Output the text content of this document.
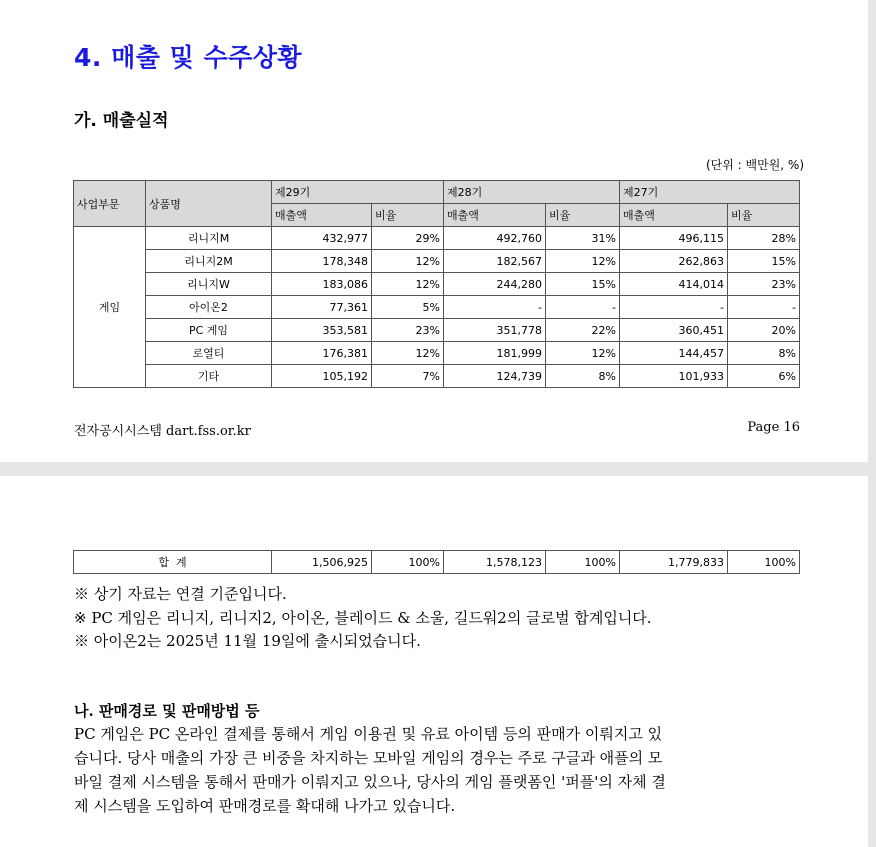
4. 매출 및 수주상황
가. 매출실적
(단위 : 백만원, %)
사업부문	상품명	제29기		제28기		제27기	
		매출액	비율	매출액	비율	매출액	비율
게임	리니지M	432,977	29%	492,760	31%	496,115	28%
	리니지2M	178,348	12%	182,567	12%	262,863	15%
	리니지W	183,086	12%	244,280	15%	414,014	23%
	아이온2	77,361	5%	-	-	-	-
	PC 게임	353,581	23%	351,778	22%	360,451	20%
	로열티	176,381	12%	181,999	12%	144,457	8%
	기타	105,192	7%	124,739	8%	101,933	6%
전자공시시스템 dart.fss.or.kr	Page 16
합  계	1,506,925	100%	1,578,123	100%	1,779,833	100%
※ 상기 자료는 연결 기준입니다.
※ PC 게임은 리니지, 리니지2, 아이온, 블레이드 & 소울, 길드워2의 글로벌 합계입니다.
※ 아이온2는 2025년 11월 19일에 출시되었습니다.
나. 판매경로 및 판매방법 등
PC 게임은 PC 온라인 결제를 통해서 게임 이용권 및 유료 아이템 등의 판매가 이뤄지고 있
습니다. 당사 매출의 가장 큰 비중을 차지하는 모바일 게임의 경우는 주로 구글과 애플의 모
바일 결제 시스템을 통해서 판매가 이뤄지고 있으나, 당사의 게임 플랫폼인 '퍼플'의 자체 결
제 시스템을 도입하여 판매경로를 확대해 나가고 있습니다.
